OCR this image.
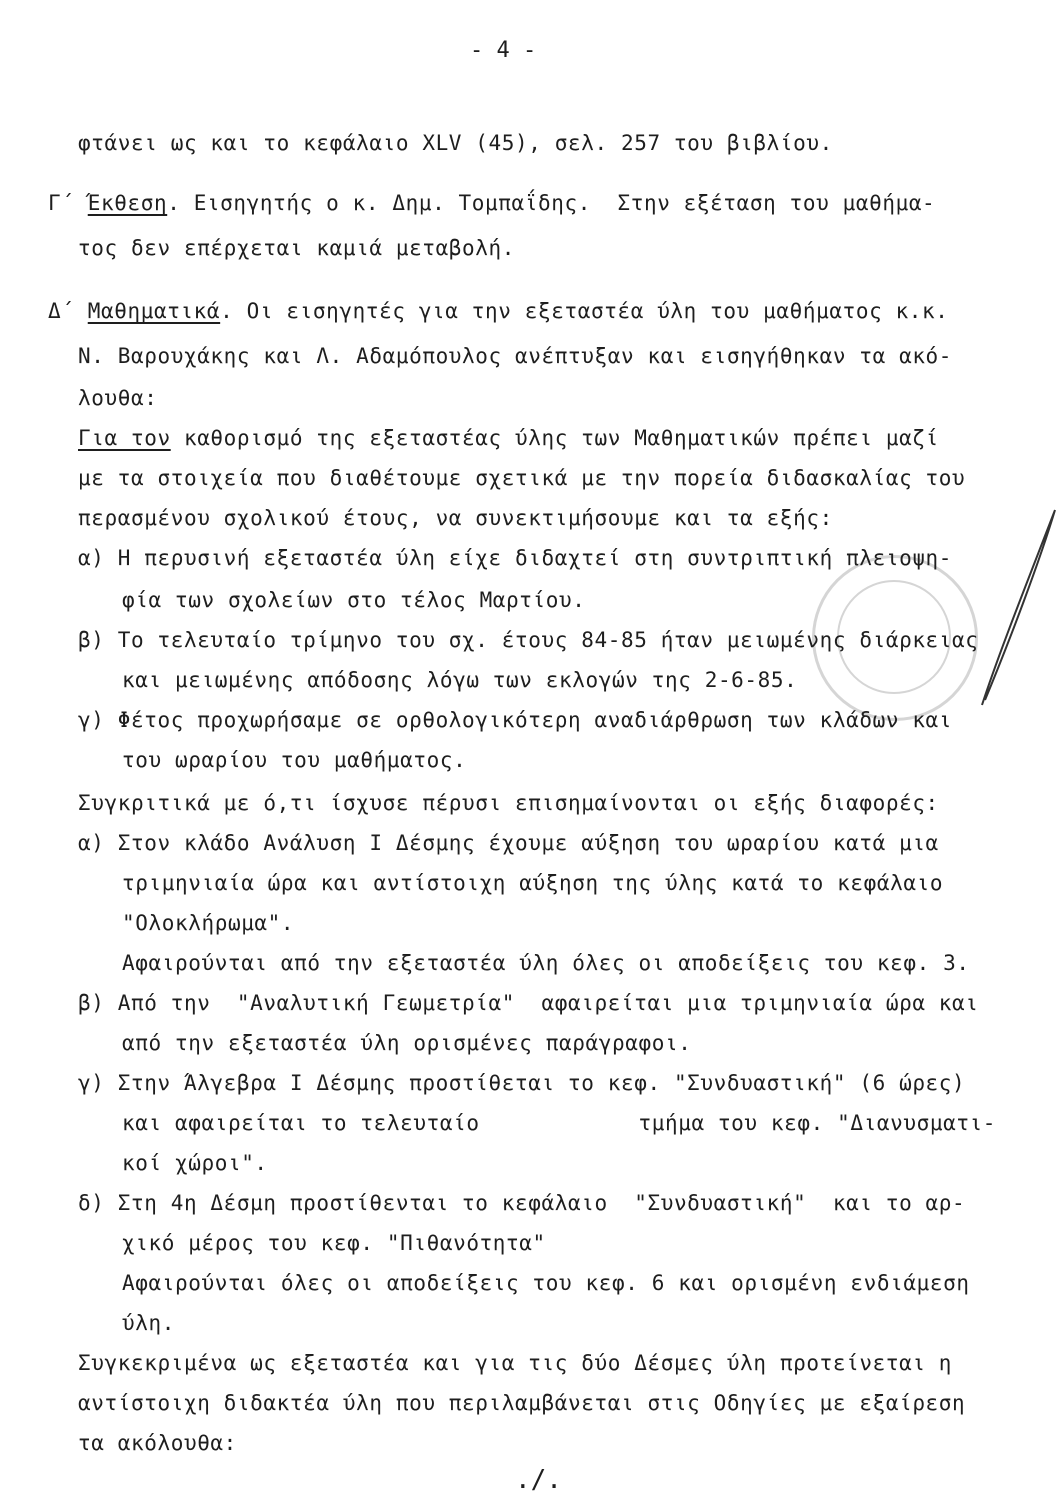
- 4 -
φτάνει ως και το κεφάλαιο XLV (45), σελ. 257 του βιβλίου.
Γ΄ Έκθεση. Εισηγητής ο κ. Δημ. Τομπαΐδης.  Στην εξέταση του μαθήμα-
τος δεν επέρχεται καμιά μεταβολή.
Δ΄ Μαθηματικά. Οι εισηγητές για την εξεταστέα ύλη του μαθήματος κ.κ.
Ν. Βαρουχάκης και Λ. Αδαμόπουλος ανέπτυξαν και εισηγήθηκαν τα ακό-
λουθα:
Για τον καθορισμό της εξεταστέας ύλης των Μαθηματικών πρέπει μαζί
με τα στοιχεία που διαθέτουμε σχετικά με την πορεία διδασκαλίας του
περασμένου σχολικού έτους, να συνεκτιμήσουμε και τα εξής:
α) Η περυσινή εξεταστέα ύλη είχε διδαχτεί στη συντριπτική πλειοψη-
φία των σχολείων στο τέλος Μαρτίου.
β) Το τελευταίο τρίμηνο του σχ. έτους 84-85 ήταν μειωμένης διάρκειας
και μειωμένης απόδοσης λόγω των εκλογών της 2-6-85.
γ) Φέτος προχωρήσαμε σε ορθολογικότερη αναδιάρθρωση των κλάδων και
του ωραρίου του μαθήματος.
Συγκριτικά με ό,τι ίσχυσε πέρυσι επισημαίνονται οι εξής διαφορές:
α) Στον κλάδο Ανάλυση Ι Δέσμης έχουμε αύξηση του ωραρίου κατά μια
τριμηνιαία ώρα και αντίστοιχη αύξηση της ύλης κατά το κεφάλαιο
"Ολοκλήρωμα".
Αφαιρούνται από την εξεταστέα ύλη όλες οι αποδείξεις του κεφ. 3.
β) Από την  "Αναλυτική Γεωμετρία"  αφαιρείται μια τριμηνιαία ώρα και
από την εξεταστέα ύλη ορισμένες παράγραφοι.
γ) Στην Άλγεβρα Ι Δέσμης προστίθεται το κεφ. "Συνδυαστική" (6 ώρες)
και αφαιρείται το τελευταίο            τμήμα του κεφ. "Διανυσματι-
κοί χώροι".
δ) Στη 4η Δέσμη προστίθενται το κεφάλαιο  "Συνδυαστική"  και το αρ-
χικό μέρος του κεφ. "Πιθανότητα"
Αφαιρούνται όλες οι αποδείξεις του κεφ. 6 και ορισμένη ενδιάμεση
ύλη.
Συγκεκριμένα ως εξεταστέα και για τις δύο Δέσμες ύλη προτείνεται η
αντίστοιχη διδακτέα ύλη που περιλαμβάνεται στις Οδηγίες με εξαίρεση
τα ακόλουθα:
./.
